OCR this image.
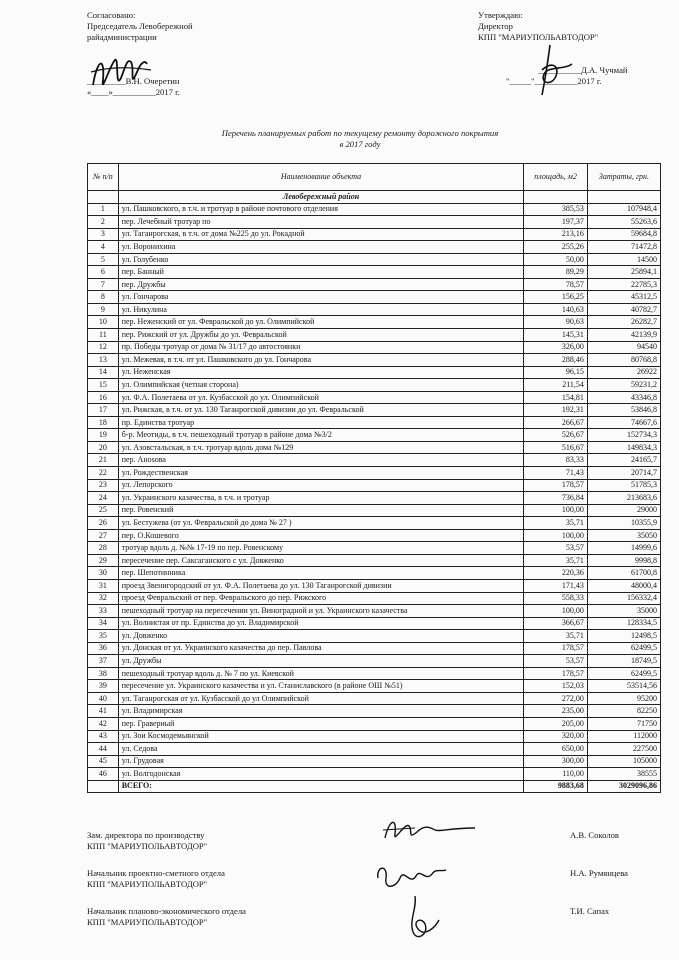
Согласовано:
Председатель Левобережной
райадминистрации
_________В.Н. Очеретин
«____»__________2017 г.
Утверждаю:
Директор
КПП "МАРИУПОЛЬАВТОДОР"
__________Д.А. Чучмай
"_____"__________2017 г.
Перечень планируемых работ по текущему ремонту дорожного покрытия
в 2017 году
№ п/п	Наименование объекта	площадь, м2	Затраты, грн.
	Левобережный район		
1	ул. Пашковского, в т.ч. и тротуар в районе почтового отделения	385,53	107948,4
2	пер. Лечебный тротуар по	197,37	55263,6
3	ул. Таганрогская, в т.ч. от дома №225 до ул. Рокадной	213,16	59684,8
4	ул. Воронихина	255,26	71472,8
5	ул. Голубенко	50,00	14500
6	пер. Банный	89,29	25894,1
7	пер. Дружбы	78,57	22785,3
8	ул. Гончарова	156,25	45312,5
9	ул. Никулина	140,63	40782,7
10	пер. Неженский от ул. Февральской до ул. Олимпийской	90,63	26282,7
11	пер. Рижский от ул. Дружбы до ул. Февральской	145,31	42139,9
12	пр. Победы тротуар от дома № 31/17 до автостоянки	326,00	94540
13	ул. Межевая, в т.ч. от ул. Пашковского до ул. Гончарова	288,46	80768,8
14	ул. Неженская	96,15	26922
15	ул. Олимпийская (четная сторона)	211,54	59231,2
16	ул. Ф.А. Полетаева от ул. Кузбасской до ул. Олимпийской	154,81	43346,8
17	ул. Рижская, в т.ч. от ул. 130 Таганрогской дивизии до ул. Февральской	192,31	53846,8
18	пр. Единства тротуар	266,67	74667,6
19	б-р. Меотиды, в т.ч. пешеходный тротуар в районе дома №3/2	526,67	152734,3
20	ул. Азовстальская, в т.ч. тротуар вдоль дома №129	516,67	149834,3
21	пер. Анosова	83,33	24165,7
22	ул. Рождественская	71,43	20714,7
23	ул. Лепорского	178,57	51785,3
24	ул. Украинского казачества, в т.ч. и тротуар	736,84	213683,6
25	пер. Ровенский	100,00	29000
26	ул. Бестужева (от ул. Февральской до дома № 27 )	35,71	10355,9
27	пер. О.Кошевого	100,00	35050
28	тротуар вдоль д. №№ 17-19 по пер. Ровенскому	53,57	14999,6
29	пересечение пер. Саксаганского с ул. Довженко	35,71	9998,8
30	пер. Шепотинника	220,36	61700,8
31	проезд Звенигородский от ул. Ф.А. Полетаева до ул. 130 Таганрогской дивизии	171,43	48000,4
32	проезд Февральский от пер. Февральского до пер. Рижского	558,33	156332,4
33	пешеходный тротуар на пересечении ул. Виноградной и ул. Украинского казачества	100,00	35000
34	ул. Волнистая от пр. Единства до ул. Владимирской	366,67	128334,5
35	ул. Довженко	35,71	12498,5
36	ул. Донская от ул. Украинского казачества до пер. Павлова	178,57	62499,5
37	ул. Дружбы	53,57	18749,5
38	пешеходный тротуар вдоль д. № 7 по ул. Киевской	178,57	62499,5
39	пересечение ул. Украинского казачества и ул. Станиславского (в районе ОШ №51)	152,03	53514,56
40	ул. Таганрогская от ул. Кузбасской до ул Олимпийской	272,00	95200
41	ул. Владимирская	235,00	82250
42	пер. Гравериый	205,00	71750
43	ул. Зои Космодемьянской	320,00	112000
44	ул. Седова	650,00	227500
45	ул. Грудовая	300,00	105000
46	ул. Волгодонская	110,00	38555
	ВСЕГО:	9883,68	3029096,86
Зам. директора по производству
КПП "МАРИУПОЛЬАВТОДОР"
А.В. Соколов
Начальник проектно-сметного отдела
КПП "МАРИУПОЛЬАВТОДОР"
Н.А. Румянцева
Начальник планово-экономического отдела
КПП "МАРИУПОЛЬАВТОДОР"
Т.И. Сапах
